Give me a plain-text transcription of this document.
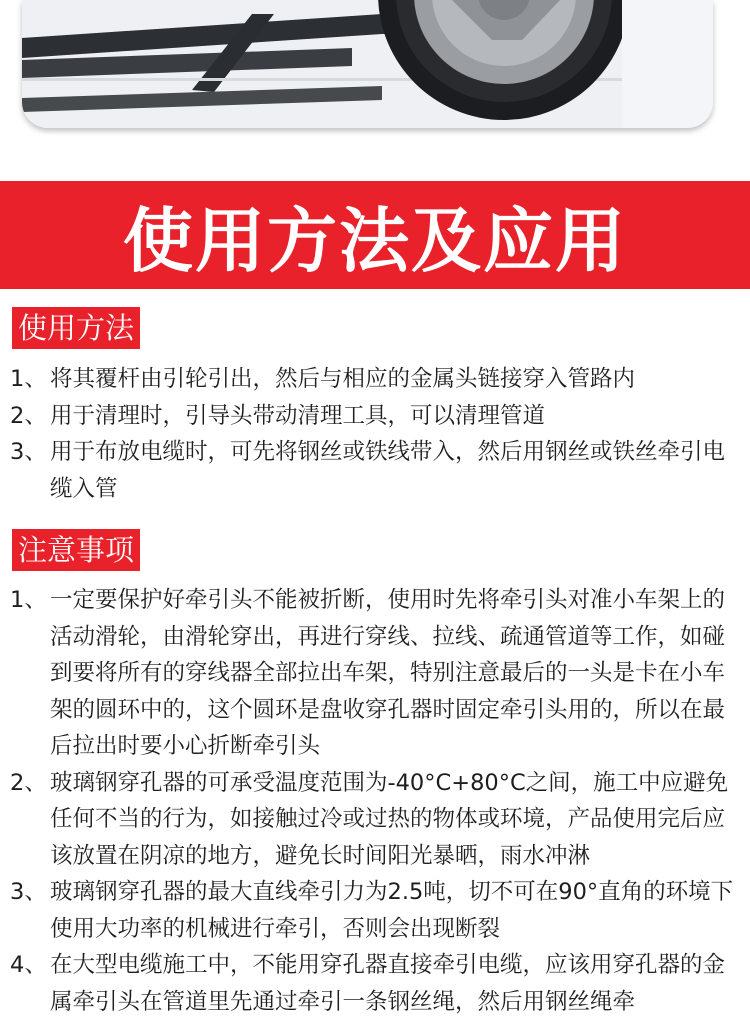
使用方法及应用
使用方法
1、 将其覆杆由引轮引出，然后与相应的金属头链接穿入管路内
2、 用于清理时，引导头带动清理工具，可以清理管道
3、 用于布放电缆时，可先将钢丝或铁线带入，然后用钢丝或铁丝牵引电缆入管
注意事项
1、 一定要保护好牵引头不能被折断，使用时先将牵引头对准小车架上的活动滑轮，由滑轮穿出，再进行穿线、拉线、疏通管道等工作，如碰到要将所有的穿线器全部拉出车架，特别注意最后的一头是卡在小车架的圆环中的，这个圆环是盘收穿孔器时固定牵引头用的，所以在最后拉出时要小心折断牵引头
2、 玻璃钢穿孔器的可承受温度范围为-40°C+80°C之间，施工中应避免任何不当的行为，如接触过冷或过热的物体或环境，产品使用完后应该放置在阴凉的地方，避免长时间阳光暴晒，雨水冲淋
3、 玻璃钢穿孔器的最大直线牵引力为2.5吨，切不可在90°直角的环境下使用大功率的机械进行牵引，否则会出现断裂
4、 在大型电缆施工中，不能用穿孔器直接牵引电缆，应该用穿孔器的金属牵引头在管道里先通过牵引一条钢丝绳，然后用钢丝绳牵
